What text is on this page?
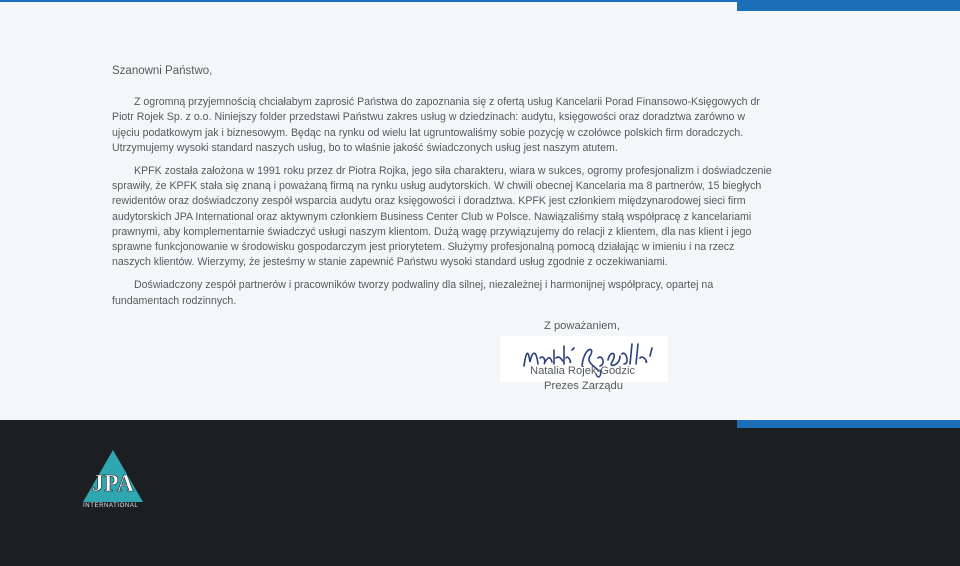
Szanowni Państwo,

Z ogromną przyjemnością chciałabym zaprosić Państwa do zapoznania się z ofertą usług Kancelarii Porad Finansowo-Księgowych dr Piotr Rojek Sp. z o.o. Niniejszy folder przedstawi Państwu zakres usług w dziedzinach: audytu, księgowości oraz doradztwa zarówno w ujęciu podatkowym jak i biznesowym. Będąc na rynku od wielu lat ugruntowaliśmy sobie pozycję w czołówce polskich firm doradczych. Utrzymujemy wysoki standard naszych usług, bo to właśnie jakość świadczonych usług jest naszym atutem.

KPFK została założona w 1991 roku przez dr Piotra Rojka, jego siła charakteru, wiara w sukces, ogromy profesjonalizm i doświadczenie sprawiły, że KPFK stała się znaną i poważaną firmą na rynku usług audytorskich. W chwili obecnej Kancelaria ma 8 partnerów, 15 biegłych rewidentów oraz doświadczony zespół wsparcia audytu oraz księgowości i doradztwa. KPFK jest członkiem międzynarodowej sieci firm audytorskich JPA International oraz aktywnym członkiem Business Center Club w Polsce. Nawiązaliśmy stałą współpracę z kancelariami prawnymi, aby komplementarnie świadczyć usługi naszym klientom. Dużą wagę przywiązujemy do relacji z klientem, dla nas klient i jego sprawne funkcjonowanie w środowisku gospodarczym jest priorytetem. Służymy profesjonalną pomocą działając w imieniu i na rzecz naszych klientów. Wierzymy, że jesteśmy w stanie zapewnić Państwu wysoki standard usług zgodnie z oczekiwaniami.

Doświadczony zespół partnerów i pracowników tworzy podwaliny dla silnej, niezależnej i harmonijnej współpracy, opartej na fundamentach rodzinnych.

Z poważaniem,
Natalia Rojek-Godzic
Prezes Zarządu
JPA
INTERNATIONAL
